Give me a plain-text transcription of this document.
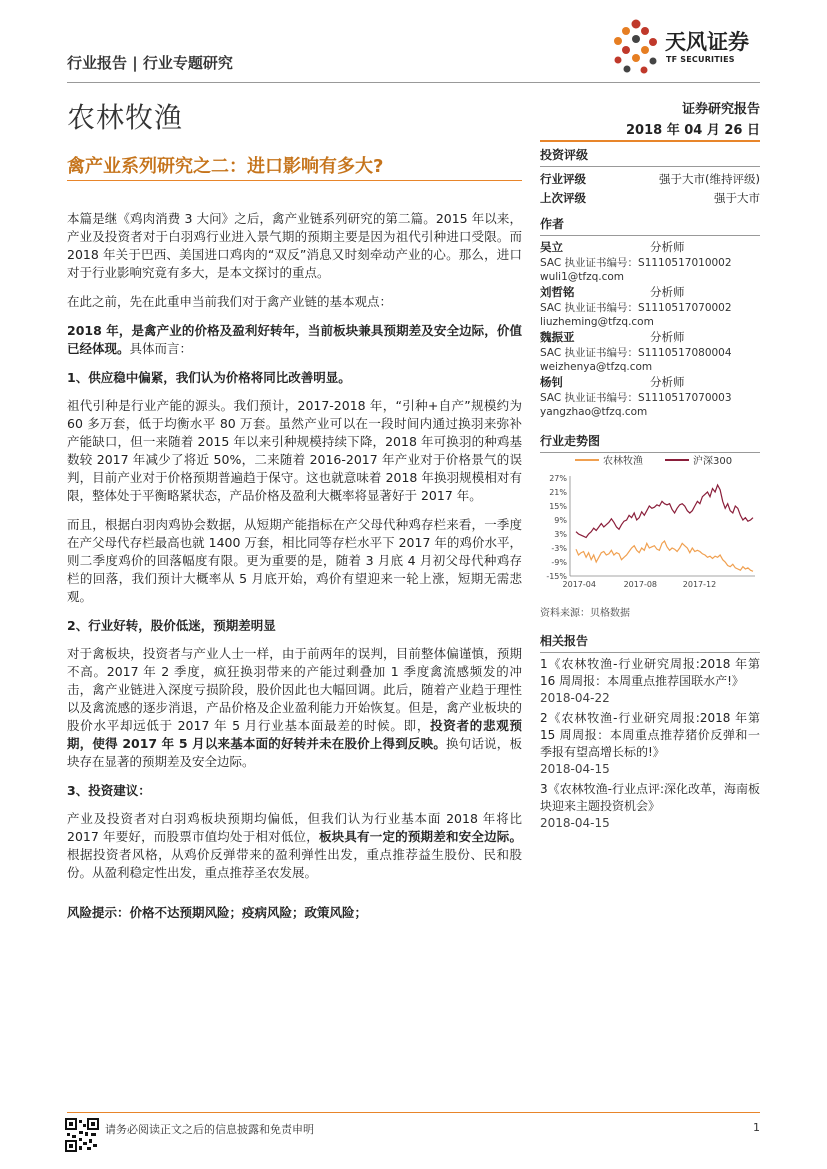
行业报告 | 行业专题研究
农林牧渔
天风证券
TF SECURITIES
证券研究报告
2018 年 04 月 26 日
禽产业系列研究之二：进口影响有多大?

本篇是继《鸡肉消费 3 大问》之后，禽产业链系列研究的第二篇。2015 年以来，产业及投资者对于白羽鸡行业进入景气期的预期主要是因为祖代引种进口受限。而 2018 年关于巴西、美国进口鸡肉的“双反”消息又时刻牵动产业的心。那么，进口对于行业影响究竟有多大，是本文探讨的重点。

在此之前，先在此重申当前我们对于禽产业链的基本观点：

2018 年，是禽产业的价格及盈利好转年，当前板块兼具预期差及安全边际，价值已经体现。具体而言：

1、供应稳中偏紧，我们认为价格将同比改善明显。

祖代引种是行业产能的源头。我们预计，2017-2018 年，“引种+自产”规模约为 60 多万套，低于均衡水平 80 万套。虽然产业可以在一段时间内通过换羽来弥补产能缺口，但一来随着 2015 年以来引种规模持续下降，2018 年可换羽的种鸡基数较 2017 年减少了将近 50%，二来随着 2016-2017 年产业对于价格景气的误判，目前产业对于价格预期普遍趋于保守。这也就意味着 2018 年换羽规模相对有限，整体处于平衡略紧状态，产品价格及盈利大概率将显著好于 2017 年。

而且，根据白羽肉鸡协会数据，从短期产能指标在产父母代种鸡存栏来看，一季度在产父母代存栏最高也就 1400 万套，相比同等存栏水平下 2017 年的鸡价水平，则二季度鸡价的回落幅度有限。更为重要的是，随着 3 月底 4 月初父母代种鸡存栏的回落，我们预计大概率从 5 月底开始，鸡价有望迎来一轮上涨，短期无需悲观。

2、行业好转，股价低迷，预期差明显

对于禽板块，投资者与产业人士一样，由于前两年的误判，目前整体偏谨慎，预期不高。2017 年 2 季度，疯狂换羽带来的产能过剩叠加 1 季度禽流感频发的冲击，禽产业链进入深度亏损阶段，股价因此也大幅回调。此后，随着产业趋于理性以及禽流感的逐步消退，产品价格及企业盈利能力开始恢复。但是，禽产业板块的股价水平却远低于 2017 年 5 月行业基本面最差的时候。即，投资者的悲观预期，使得 2017 年 5 月以来基本面的好转并未在股价上得到反映。换句话说，板块存在显著的预期差及安全边际。

3、投资建议：

产业及投资者对白羽鸡板块预期均偏低，但我们认为行业基本面 2018 年将比 2017 年要好，而股票市值均处于相对低位，板块具有一定的预期差和安全边际。根据投资者风格，从鸡价反弹带来的盈利弹性出发，重点推荐益生股份、民和股份。从盈利稳定性出发，重点推荐圣农发展。

风险提示：价格不达预期风险；疫病风险；政策风险；

投资评级
行业评级	强于大市(维持评级)
上次评级	强于大市
作者
吴立	分析师
SAC 执业证书编号：S1110517010002
wuli1@tfzq.com
刘哲铭	分析师
SAC 执业证书编号：S1110517070002
liuzheming@tfzq.com
魏振亚	分析师
SAC 执业证书编号：S1110517080004
weizhenya@tfzq.com
杨钊	分析师
SAC 执业证书编号：S1110517070003
yangzhao@tfzq.com
行业走势图
农林牧渔	沪深300
27%
21%
15%
9%
3%
-3%
-9%
-15%
2017-04	2017-08	2017-12
资料来源：贝格数据
相关报告
1《农林牧渔-行业研究周报:2018 年第 16 周周报：本周重点推荐国联水产!》
2018-04-22
2《农林牧渔-行业研究周报:2018 年第 15 周周报：本周重点推荐猪价反弹和一季报有望高增长标的!》
2018-04-15
3《农林牧渔-行业点评:深化改革，海南板块迎来主题投资机会》
2018-04-15
请务必阅读正文之后的信息披露和免责申明	1
